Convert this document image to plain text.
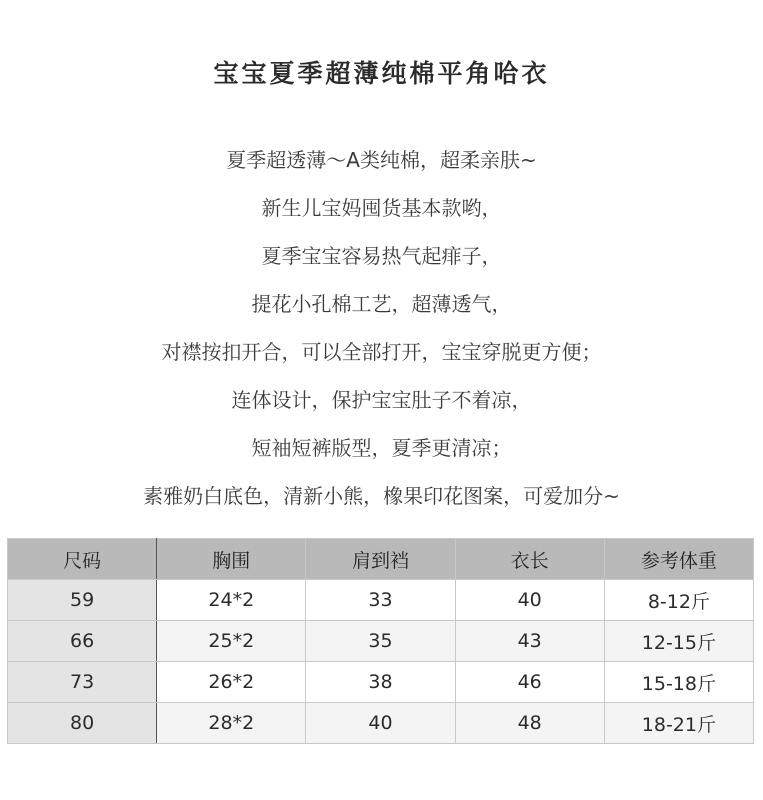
宝宝夏季超薄纯棉平角哈衣
夏季超透薄～A类纯棉，超柔亲肤~
新生儿宝妈囤货基本款哟，
夏季宝宝容易热气起痱子，
提花小孔棉工艺，超薄透气，
对襟按扣开合，可以全部打开，宝宝穿脱更方便；
连体设计，保护宝宝肚子不着凉，
短袖短裤版型，夏季更清凉；
素雅奶白底色，清新小熊，橡果印花图案，可爱加分~
尺码	胸围	肩到裆	衣长	参考体重
59	24*2	33	40	8-12斤
66	25*2	35	43	12-15斤
73	26*2	38	46	15-18斤
80	28*2	40	48	18-21斤
